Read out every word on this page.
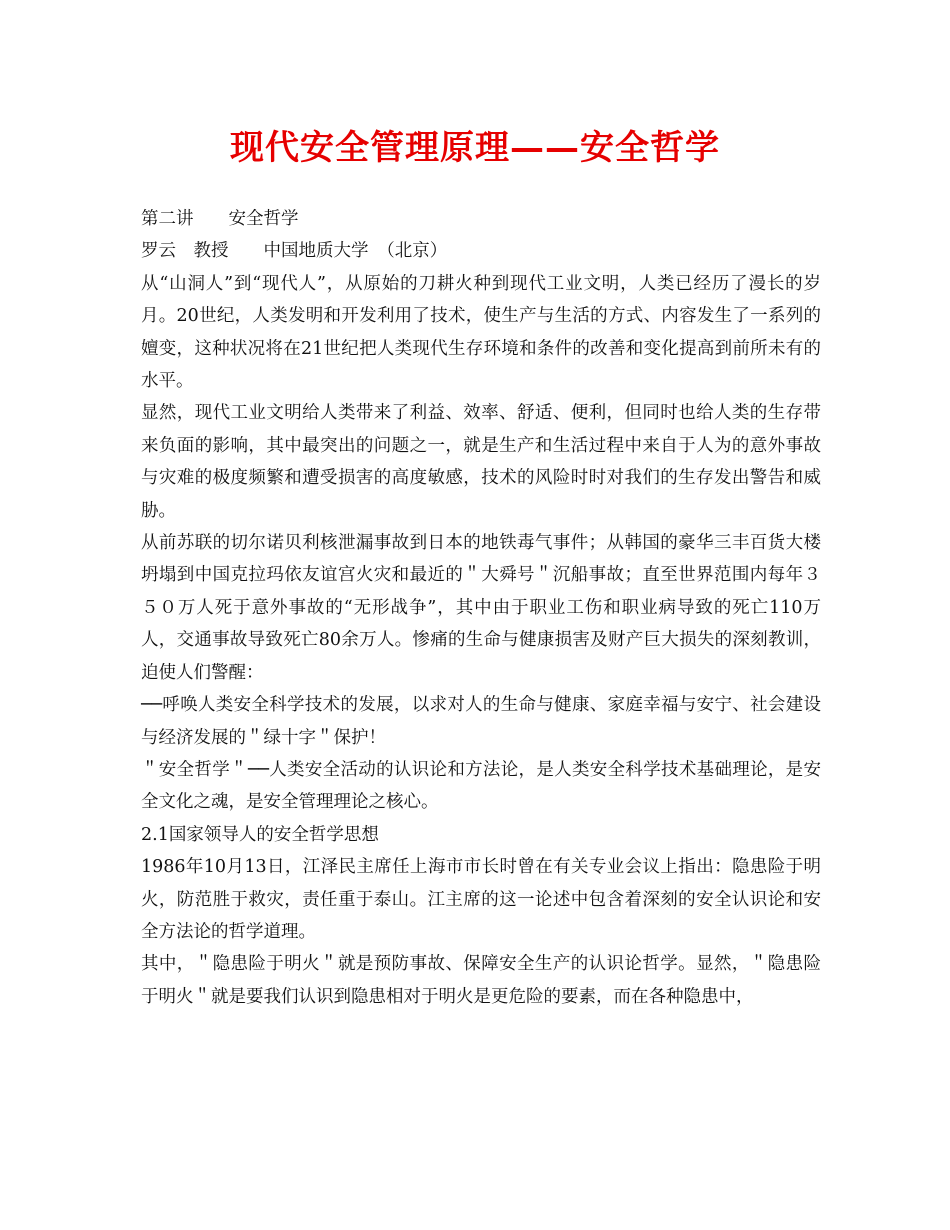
现代安全管理原理——安全哲学

第二讲　　安全哲学

罗云　教授　　中国地质大学　（北京）

从“山洞人”到“现代人”，从原始的刀耕火种到现代工业文明，人类已经历了漫长的岁月。20世纪，人类发明和开发利用了技术，使生产与生活的方式、内容发生了一系列的嬗变，这种状况将在21世纪把人类现代生存环境和条件的改善和变化提高到前所未有的水平。

显然，现代工业文明给人类带来了利益、效率、舒适、便利，但同时也给人类的生存带来负面的影响，其中最突出的问题之一，就是生产和生活过程中来自于人为的意外事故与灾难的极度频繁和遭受损害的高度敏感，技术的风险时时对我们的生存发出警告和威胁。

从前苏联的切尔诺贝利核泄漏事故到日本的地铁毒气事件；从韩国的豪华三丰百货大楼坍塌到中国克拉玛依友谊宫火灾和最近的＂大舜号＂沉船事故；直至世界范围内每年３５０万人死于意外事故的“无形战争”，其中由于职业工伤和职业病导致的死亡110万人，交通事故导致死亡80余万人。惨痛的生命与健康损害及财产巨大损失的深刻教训，迫使人们警醒：

──呼唤人类安全科学技术的发展，以求对人的生命与健康、家庭幸福与安宁、社会建设与经济发展的＂绿十字＂保护！

＂安全哲学＂──人类安全活动的认识论和方法论，是人类安全科学技术基础理论，是安全文化之魂，是安全管理理论之核心。

2.1国家领导人的安全哲学思想

1986年10月13日，江泽民主席任上海市市长时曾在有关专业会议上指出：隐患险于明火，防范胜于救灾，责任重于泰山。江主席的这一论述中包含着深刻的安全认识论和安全方法论的哲学道理。

其中，＂隐患险于明火＂就是预防事故、保障安全生产的认识论哲学。显然，＂隐患险于明火＂就是要我们认识到隐患相对于明火是更危险的要素，而在各种隐患中，
